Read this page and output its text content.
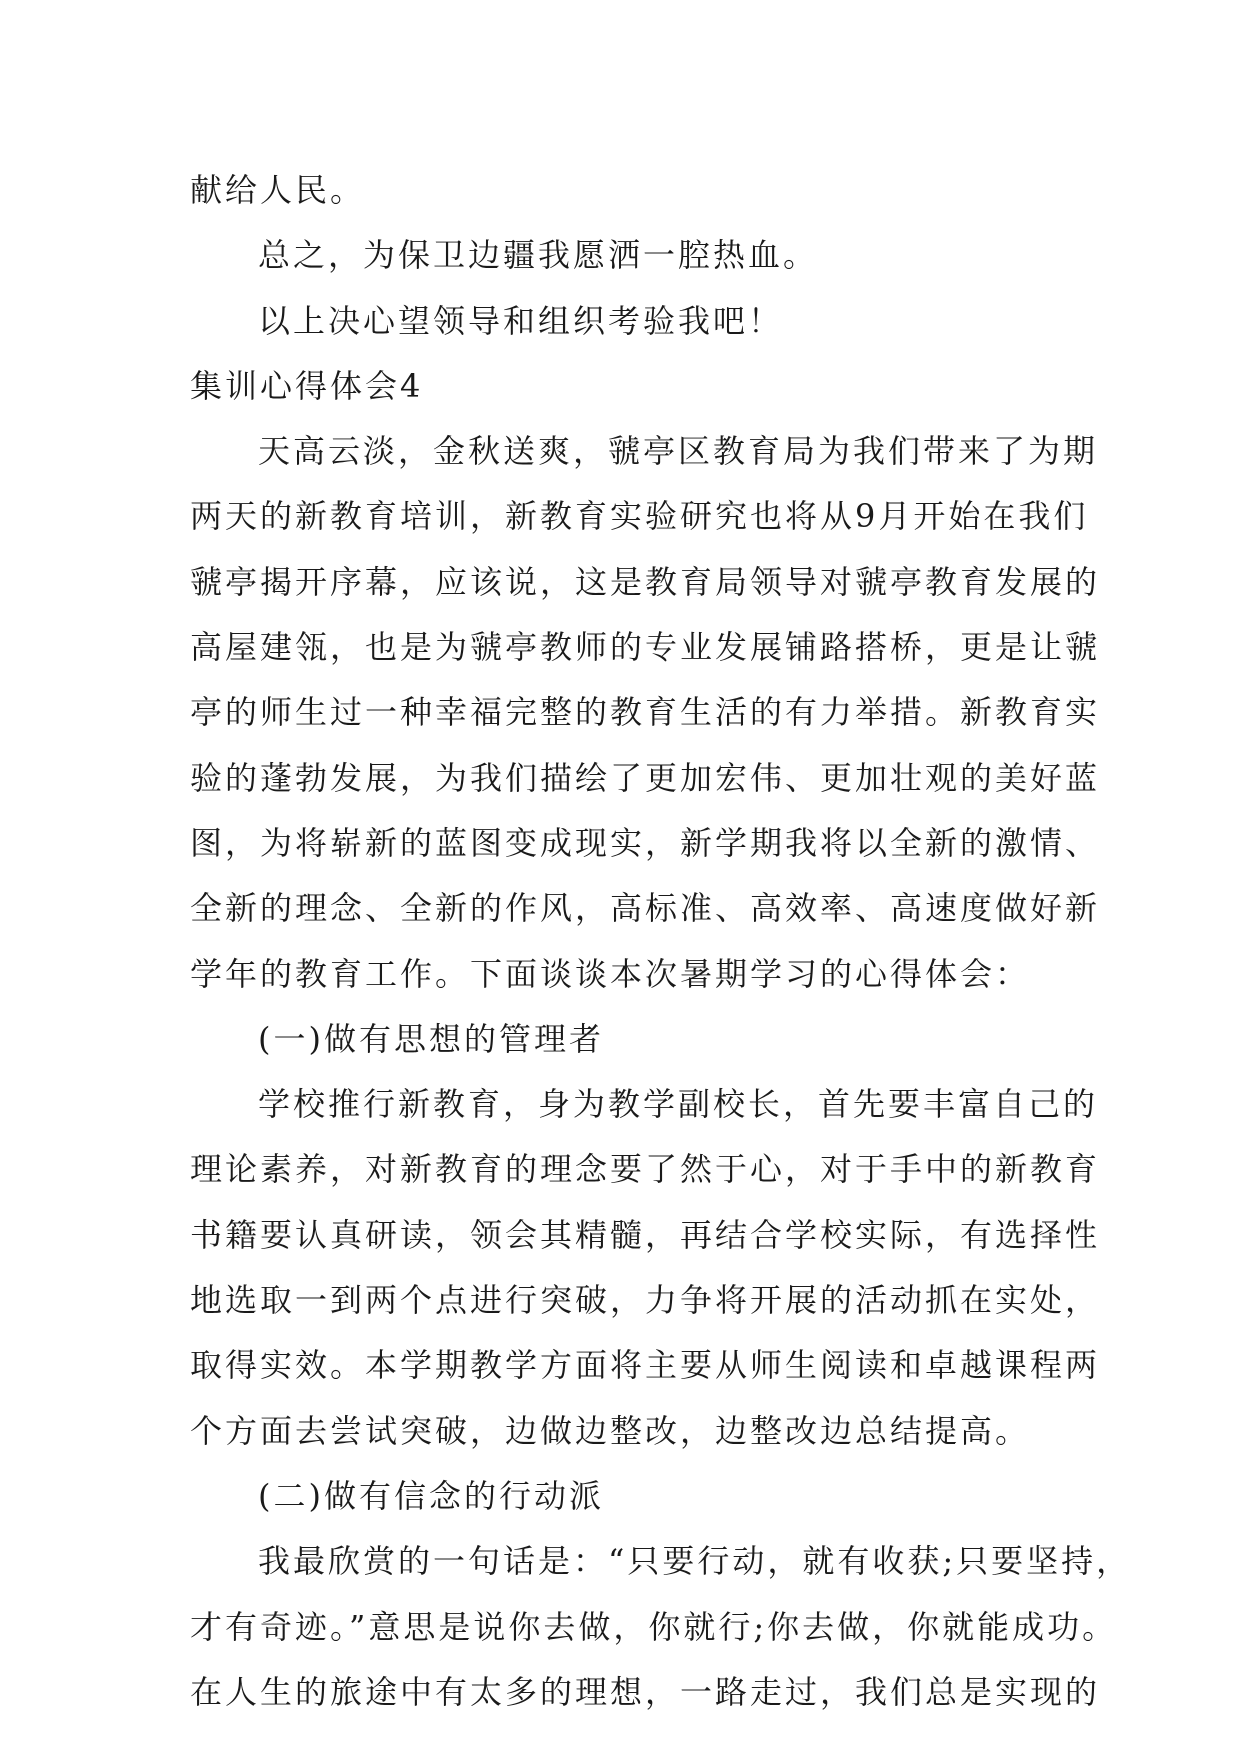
献给人民。
总之，为保卫边疆我愿洒一腔热血。
以上决心望领导和组织考验我吧！
集训心得体会4
天高云淡，金秋送爽，虢亭区教育局为我们带来了为期
两天的新教育培训，新教育实验研究也将从9月开始在我们
虢亭揭开序幕，应该说，这是教育局领导对虢亭教育发展的
高屋建瓴，也是为虢亭教师的专业发展铺路搭桥，更是让虢
亭的师生过一种幸福完整的教育生活的有力举措。新教育实
验的蓬勃发展，为我们描绘了更加宏伟、更加壮观的美好蓝
图，为将崭新的蓝图变成现实，新学期我将以全新的激情、
全新的理念、全新的作风，高标准、高效率、高速度做好新
学年的教育工作。下面谈谈本次暑期学习的心得体会：
(一)做有思想的管理者
学校推行新教育，身为教学副校长，首先要丰富自己的
理论素养，对新教育的理念要了然于心，对于手中的新教育
书籍要认真研读，领会其精髓，再结合学校实际，有选择性
地选取一到两个点进行突破，力争将开展的活动抓在实处，
取得实效。本学期教学方面将主要从师生阅读和卓越课程两
个方面去尝试突破，边做边整改，边整改边总结提高。
(二)做有信念的行动派
我最欣赏的一句话是：“只要行动，就有收获;只要坚持，
才有奇迹。”意思是说你去做，你就行;你去做，你就能成功。
在人生的旅途中有太多的理想，一路走过，我们总是实现的
